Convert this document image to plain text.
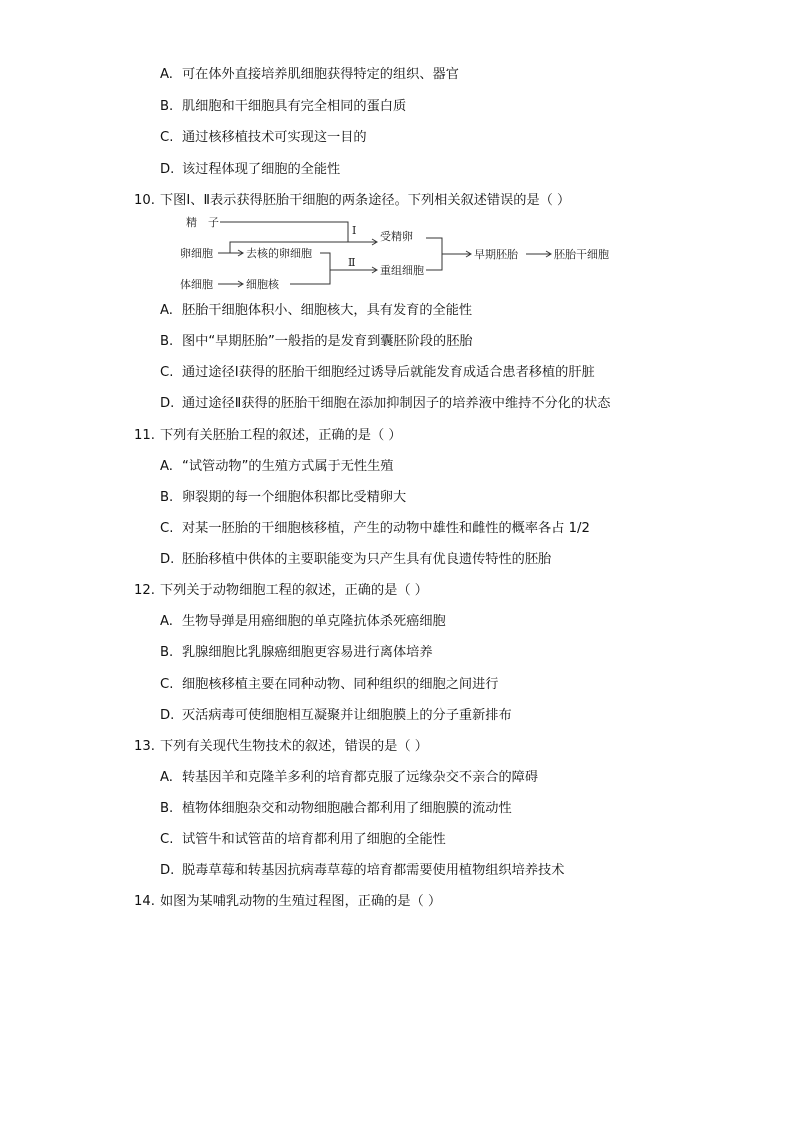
A. 可在体外直接培养肌细胞获得特定的组织、器官
B. 肌细胞和干细胞具有完全相同的蛋白质
C. 通过核移植技术可实现这一目的
D. 该过程体现了细胞的全能性
10. 下图Ⅰ、Ⅱ表示获得胚胎干细胞的两条途径。下列相关叙述错误的是（ ）
精　子
卵细胞
体细胞
去核的卵细胞
Ⅰ 受精卵
细胞核
Ⅱ
重组细胞
早期胚胎	胚胎干细胞
A. 胚胎干细胞体积小、细胞核大，具有发育的全能性
B. 图中“早期胚胎”一般指的是发育到囊胚阶段的胚胎
C. 通过途径Ⅰ获得的胚胎干细胞经过诱导后就能发育成适合患者移植的肝脏
D. 通过途径Ⅱ获得的胚胎干细胞在添加抑制因子的培养液中维持不分化的状态
11. 下列有关胚胎工程的叙述，正确的是（ ）
A. “试管动物”的生殖方式属于无性生殖
B. 卵裂期的每一个细胞体积都比受精卵大
C. 对某一胚胎的干细胞核移植，产生的动物中雄性和雌性的概率各占 1/2
D. 胚胎移植中供体的主要职能变为只产生具有优良遗传特性的胚胎
12. 下列关于动物细胞工程的叙述，正确的是（ ）
A. 生物导弹是用癌细胞的单克隆抗体杀死癌细胞
B. 乳腺细胞比乳腺癌细胞更容易进行离体培养
C. 细胞核移植主要在同种动物、同种组织的细胞之间进行
D. 灭活病毒可使细胞相互凝聚并让细胞膜上的分子重新排布
13. 下列有关现代生物技术的叙述，错误的是（ ）
A. 转基因羊和克隆羊多利的培育都克服了远缘杂交不亲合的障碍
B. 植物体细胞杂交和动物细胞融合都利用了细胞膜的流动性
C. 试管牛和试管苗的培育都利用了细胞的全能性
D. 脱毒草莓和转基因抗病毒草莓的培育都需要使用植物组织培养技术
14. 如图为某哺乳动物的生殖过程图，正确的是（ ）
